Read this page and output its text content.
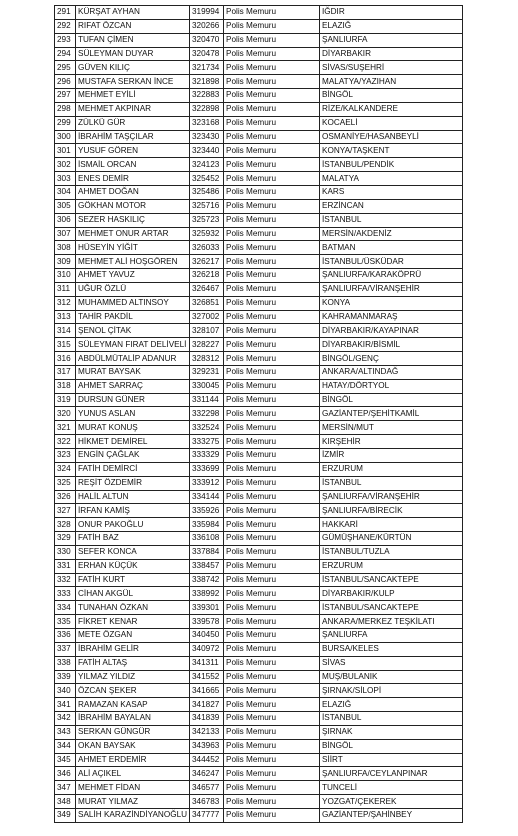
291	KÜRŞAT AYHAN	319994	Polis Memuru	IĞDIR
292	RIFAT ÖZCAN	320266	Polis Memuru	ELAZIĞ
293	TUFAN ÇİMEN	320470	Polis Memuru	ŞANLIURFA
294	SÜLEYMAN DUYAR	320478	Polis Memuru	DİYARBAKIR
295	GÜVEN KILIÇ	321734	Polis Memuru	SİVAS/SUŞEHRİ
296	MUSTAFA SERKAN İNCE	321898	Polis Memuru	MALATYA/YAZIHAN
297	MEHMET EYİLİ	322883	Polis Memuru	BİNGÖL
298	MEHMET AKPINAR	322898	Polis Memuru	RİZE/KALKANDERE
299	ZÜLKÜ GÜR	323168	Polis Memuru	KOCAELİ
300	İBRAHİM TAŞÇILAR	323430	Polis Memuru	OSMANİYE/HASANBEYLİ
301	YUSUF GÖREN	323440	Polis Memuru	KONYA/TAŞKENT
302	İSMAİL ORCAN	324123	Polis Memuru	İSTANBUL/PENDİK
303	ENES DEMİR	325452	Polis Memuru	MALATYA
304	AHMET DOĞAN	325486	Polis Memuru	KARS
305	GÖKHAN MOTOR	325716	Polis Memuru	ERZİNCAN
306	SEZER HASKILIÇ	325723	Polis Memuru	İSTANBUL
307	MEHMET ONUR ARTAR	325932	Polis Memuru	MERSİN/AKDENİZ
308	HÜSEYİN YİĞİT	326033	Polis Memuru	BATMAN
309	MEHMET ALİ HOŞGÖREN	326217	Polis Memuru	İSTANBUL/ÜSKÜDAR
310	AHMET YAVUZ	326218	Polis Memuru	ŞANLIURFA/KARAKÖPRÜ
311	UĞUR ÖZLÜ	326467	Polis Memuru	ŞANLIURFA/VİRANŞEHİR
312	MUHAMMED ALTINSOY	326851	Polis Memuru	KONYA
313	TAHİR PAKDİL	327002	Polis Memuru	KAHRAMANMARAŞ
314	ŞENOL ÇİTAK	328107	Polis Memuru	DİYARBAKIR/KAYAPINAR
315	SÜLEYMAN FIRAT DELİVELİ	328227	Polis Memuru	DİYARBAKIR/BİSMİL
316	ABDÜLMÜTALİP ADANUR	328312	Polis Memuru	BİNGÖL/GENÇ
317	MURAT BAYSAK	329231	Polis Memuru	ANKARA/ALTINDAĞ
318	AHMET SARRAÇ	330045	Polis Memuru	HATAY/DÖRTYOL
319	DURSUN GÜNER	331144	Polis Memuru	BİNGÖL
320	YUNUS ASLAN	332298	Polis Memuru	GAZİANTEP/ŞEHİTKAMİL
321	MURAT KONUŞ	332524	Polis Memuru	MERSİN/MUT
322	HİKMET DEMİREL	333275	Polis Memuru	KIRŞEHİR
323	ENGİN ÇAĞLAK	333329	Polis Memuru	İZMİR
324	FATİH DEMİRCİ	333699	Polis Memuru	ERZURUM
325	REŞİT ÖZDEMİR	333912	Polis Memuru	İSTANBUL
326	HALİL ALTUN	334144	Polis Memuru	ŞANLIURFA/VİRANŞEHİR
327	İRFAN KAMİŞ	335926	Polis Memuru	ŞANLIURFA/BİRECİK
328	ONUR PAKOĞLU	335984	Polis Memuru	HAKKARİ
329	FATİH BAZ	336108	Polis Memuru	GÜMÜŞHANE/KÜRTÜN
330	SEFER KONCA	337884	Polis Memuru	İSTANBUL/TUZLA
331	ERHAN KÜÇÜK	338457	Polis Memuru	ERZURUM
332	FATİH KURT	338742	Polis Memuru	İSTANBUL/SANCAKTEPE
333	CİHAN AKGÜL	338992	Polis Memuru	DİYARBAKIR/KULP
334	TUNAHAN ÖZKAN	339301	Polis Memuru	İSTANBUL/SANCAKTEPE
335	FİKRET KENAR	339578	Polis Memuru	ANKARA/MERKEZ TEŞKİLATI
336	METE ÖZGAN	340450	Polis Memuru	ŞANLIURFA
337	İBRAHİM GELİR	340972	Polis Memuru	BURSA/KELES
338	FATİH ALTAŞ	341311	Polis Memuru	SİVAS
339	YILMAZ YILDIZ	341552	Polis Memuru	MUŞ/BULANIK
340	ÖZCAN ŞEKER	341665	Polis Memuru	ŞIRNAK/SİLOPİ
341	RAMAZAN KASAP	341827	Polis Memuru	ELAZIĞ
342	İBRAHİM BAYALAN	341839	Polis Memuru	İSTANBUL
343	SERKAN GÜNGÜR	342133	Polis Memuru	ŞIRNAK
344	OKAN BAYSAK	343963	Polis Memuru	BİNGÖL
345	AHMET ERDEMİR	344452	Polis Memuru	SİİRT
346	ALİ AÇIKEL	346247	Polis Memuru	ŞANLIURFA/CEYLANPINAR
347	MEHMET FİDAN	346577	Polis Memuru	TUNCELİ
348	MURAT YILMAZ	346783	Polis Memuru	YOZGAT/ÇEKEREK
349	SALİH KARAZİNDİYANOĞLU	347777	Polis Memuru	GAZİANTEP/ŞAHİNBEY
